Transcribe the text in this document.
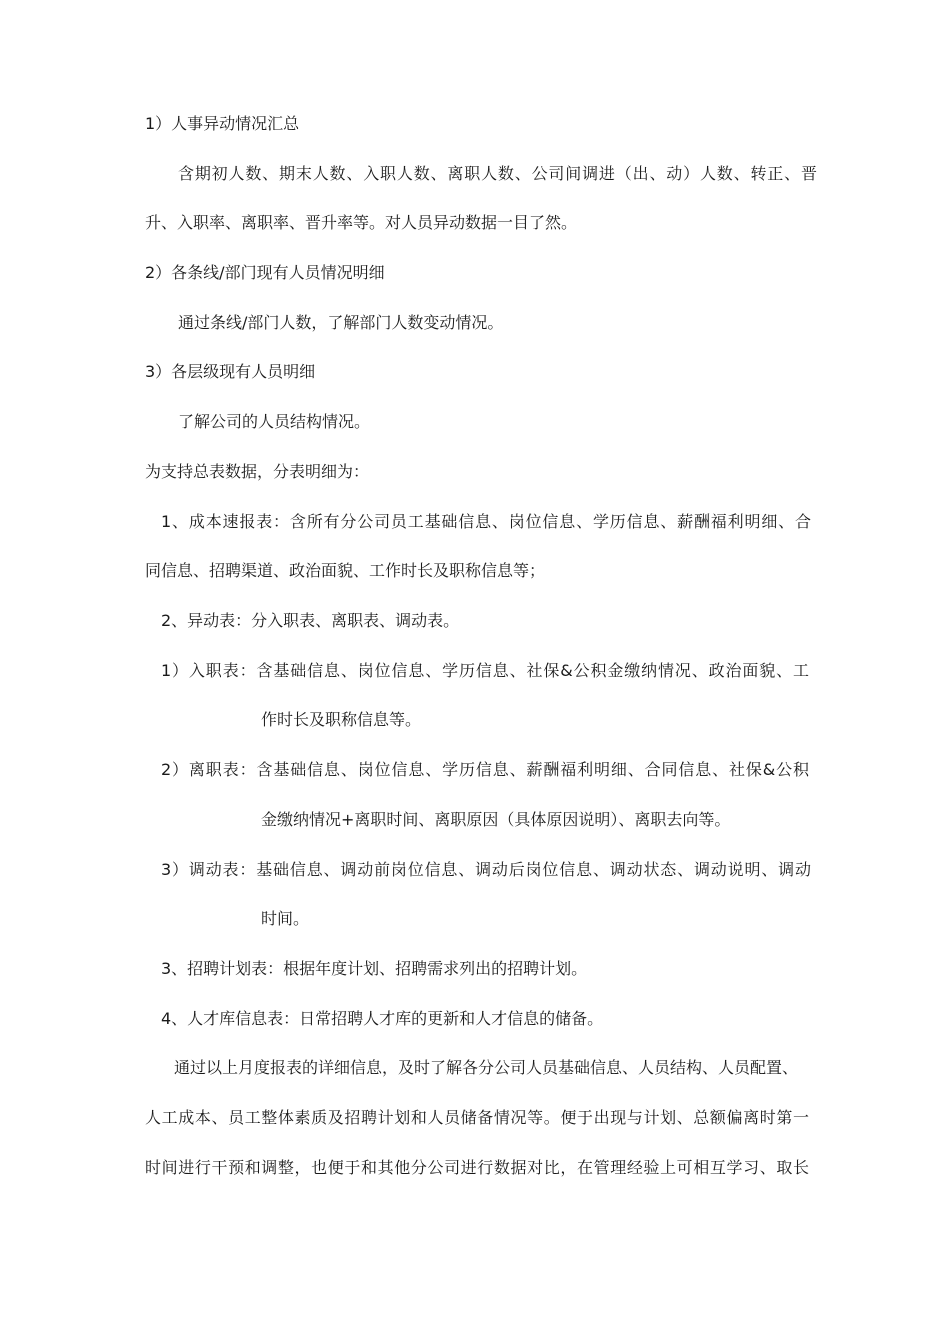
1）人事异动情况汇总
含期初人数、期末人数、入职人数、离职人数、公司间调进（出、动）人数、转正、晋
升、入职率、离职率、晋升率等。对人员异动数据一目了然。
2）各条线/部门现有人员情况明细
通过条线/部门人数，了解部门人数变动情况。
3）各层级现有人员明细
了解公司的人员结构情况。
为支持总表数据，分表明细为：
1、成本速报表：含所有分公司员工基础信息、岗位信息、学历信息、薪酬福利明细、合
同信息、招聘渠道、政治面貌、工作时长及职称信息等；
2、异动表：分入职表、离职表、调动表。
1）入职表：含基础信息、岗位信息、学历信息、社保&公积金缴纳情况、政治面貌、工
作时长及职称信息等。
2）离职表：含基础信息、岗位信息、学历信息、薪酬福利明细、合同信息、社保&公积
金缴纳情况+离职时间、离职原因（具体原因说明）、离职去向等。
3）调动表：基础信息、调动前岗位信息、调动后岗位信息、调动状态、调动说明、调动
时间。
3、招聘计划表：根据年度计划、招聘需求列出的招聘计划。
4、人才库信息表：日常招聘人才库的更新和人才信息的储备。
通过以上月度报表的详细信息，及时了解各分公司人员基础信息、人员结构、人员配置、
人工成本、员工整体素质及招聘计划和人员储备情况等。便于出现与计划、总额偏离时第一
时间进行干预和调整，也便于和其他分公司进行数据对比，在管理经验上可相互学习、取长
